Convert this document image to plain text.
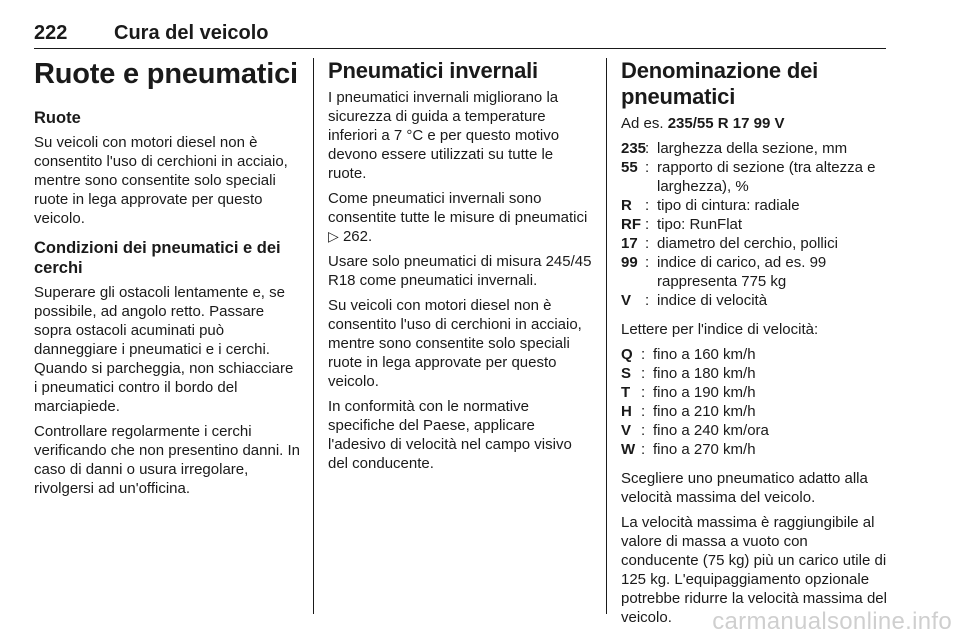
222 Cura del veicolo
Ruote e pneumatici
Ruote

Su veicoli con motori diesel non è consentito l'uso di cerchioni in acciaio, mentre sono consentite solo speciali ruote in lega approvate per questo veicolo.

Condizioni dei pneumatici e dei cerchi

Superare gli ostacoli lentamente e, se possibile, ad angolo retto. Passare sopra ostacoli acuminati può danneggiare i pneumatici e i cerchi. Quando si parcheggia, non schiacciare i pneumatici contro il bordo del marciapiede.

Controllare regolarmente i cerchi verificando che non presentino danni. In caso di danni o usura irregolare, rivolgersi ad un'officina.

Pneumatici invernali

I pneumatici invernali migliorano la sicurezza di guida a temperature inferiori a 7 °C e per questo motivo devono essere utilizzati su tutte le ruote.

Come pneumatici invernali sono consentite tutte le misure di pneumatici ▷ 262.

Usare solo pneumatici di misura 245/45 R18 come pneumatici invernali.

Su veicoli con motori diesel non è consentito l'uso di cerchioni in acciaio, mentre sono consentite solo speciali ruote in lega approvate per questo veicolo.

In conformità con le normative specifiche del Paese, applicare l'adesivo di velocità nel campo visivo del conducente.

Denominazione dei pneumatici

Ad es. 235/55 R 17 99 V

235
: larghezza della sezione, mm
55 : rapporto di sezione (tra altezza e larghezza), %
R : tipo di cintura: radiale
RF : tipo: RunFlat
17 : diametro del cerchio, pollici
99 : indice di carico, ad es. 99 rappresenta 775 kg
V : indice di velocità

Lettere per l'indice di velocità:

Q : fino a 160 km/h
S : fino a 180 km/h
T : fino a 190 km/h
H : fino a 210 km/h
V : fino a 240 km/ora
W : fino a 270 km/h

Scegliere uno pneumatico adatto alla velocità massima del veicolo.

La velocità massima è raggiungibile al valore di massa a vuoto con conducente (75 kg) più un carico utile di 125 kg. L'equipaggiamento opzionale potrebbe ridurre la velocità massima del veicolo.	carmanualsonline.info
